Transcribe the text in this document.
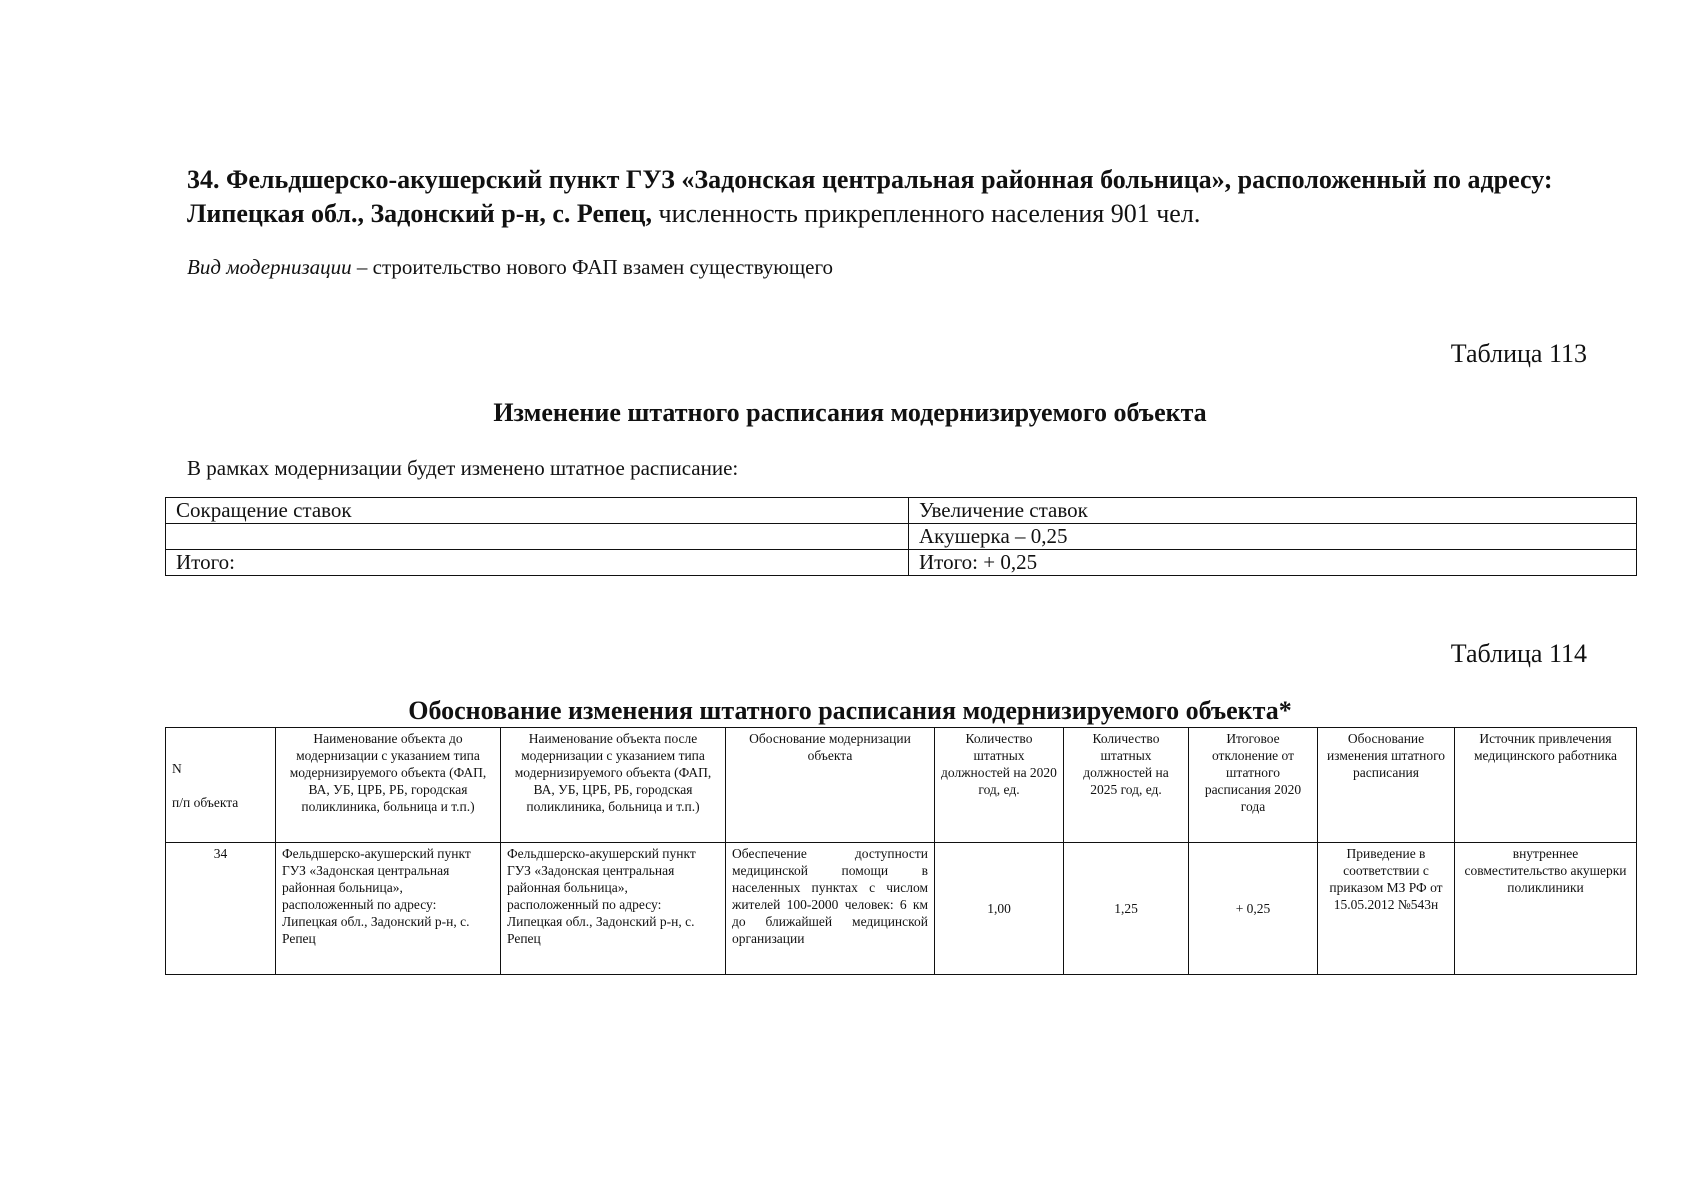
34. Фельдшерско-акушерский пункт ГУЗ «Задонская центральная районная больница», расположенный по адресу: Липецкая обл., Задонский р-н, с. Репец, численность прикрепленного населения 901 чел.
Вид модернизации – строительство нового ФАП взамен существующего
Таблица 113
Изменение штатного расписания модернизируемого объекта
В рамках модернизации будет изменено штатное расписание:
Сокращение ставок	Увеличение ставок
	Акушерка – 0,25
Итого:	Итого: + 0,25
Таблица 114
Обоснование изменения штатного расписания модернизируемого объекта*
N

п/п объекта	Наименование объекта до модернизации с указанием типа модернизируемого объекта (ФАП, ВА, УБ, ЦРБ, РБ, городская поликлиника, больница и т.п.)	Наименование объекта после модернизации с указанием типа модернизируемого объекта (ФАП, ВА, УБ, ЦРБ, РБ, городская поликлиника, больница и т.п.)	Обоснование модернизации объекта	Количество штатных должностей на 2020 год, ед.	Количество штатных должностей на 2025 год, ед.	Итоговое отклонение от штатного расписания 2020 года	Обоснование изменения штатного расписания	Источник привлечения медицинского работника
34	Фельдшерско-акушерский пункт ГУЗ «Задонская центральная районная больница», расположенный по адресу: Липецкая обл., Задонский р-н, с. Репец	Фельдшерско-акушерский пункт ГУЗ «Задонская центральная районная больница», расположенный по адресу: Липецкая обл., Задонский р-н, с. Репец	Обеспечение доступности медицинской помощи в населенных пунктах с числом жителей 100-2000 человек: 6 км до ближайшей медицинской организации	1,00	1,25	+ 0,25	Приведение в соответствии с приказом МЗ РФ от 15.05.2012 №543н	внутреннее совместительство акушерки поликлиники
